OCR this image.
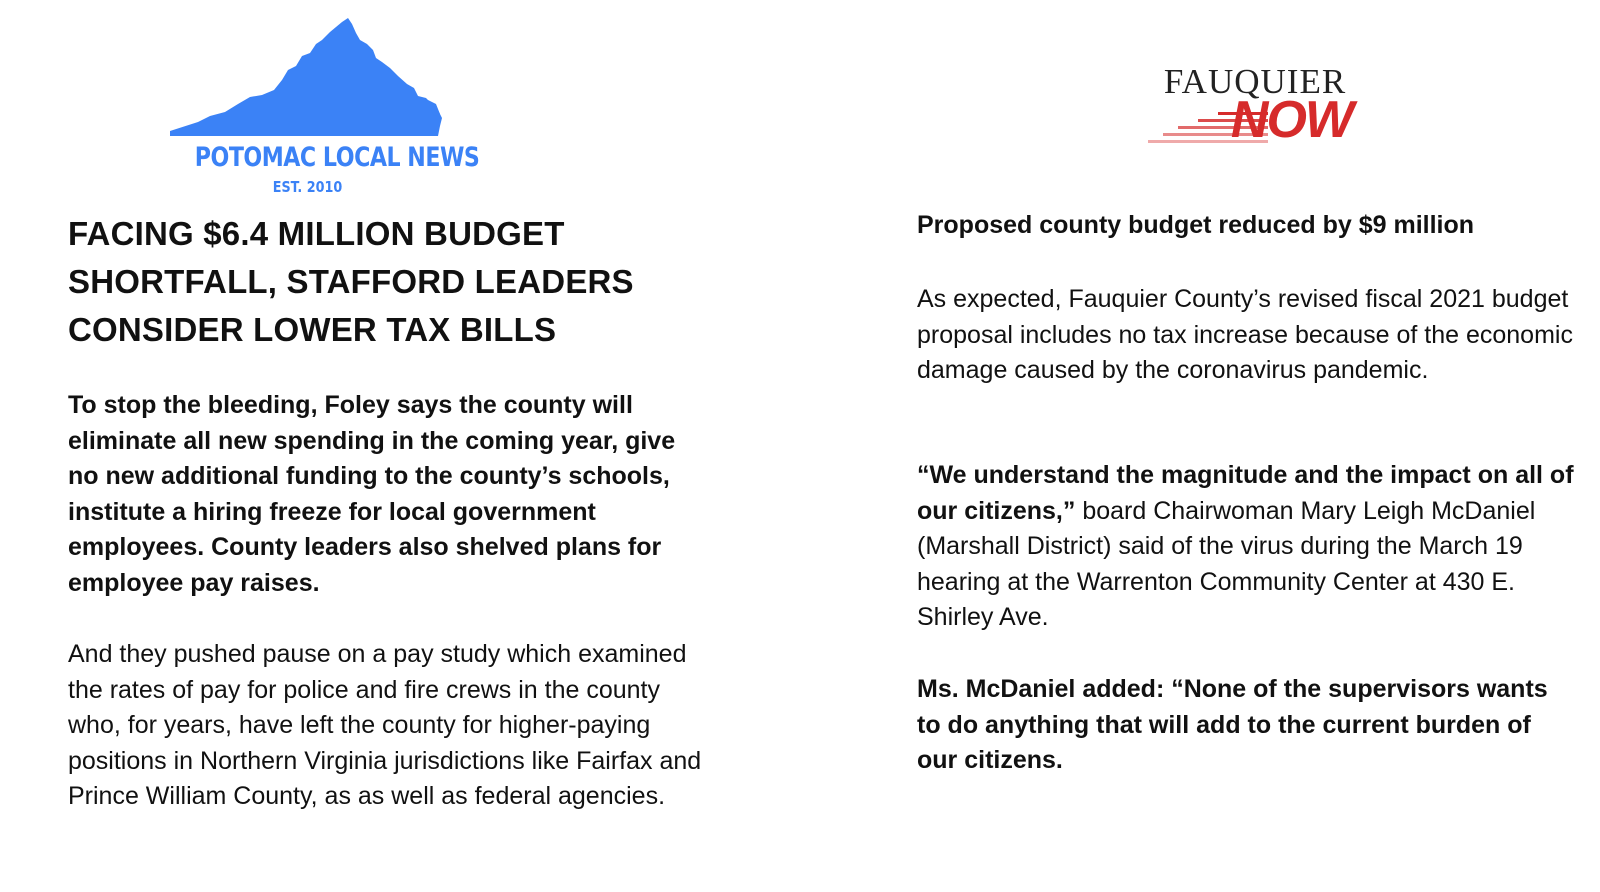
POTOMAC LOCAL NEWS
EST. 2010
FAUQUIER
NOW
FACING $6.4 MILLION BUDGET SHORTFALL, STAFFORD LEADERS CONSIDER LOWER TAX BILLS
To stop the bleeding, Foley says the county will eliminate all new spending in the coming year, give no new additional funding to the county’s schools, institute a hiring freeze for local government employees. County leaders also shelved plans for employee pay raises.
And they pushed pause on a pay study which examined the rates of pay for police and fire crews in the county who, for years, have left the county for higher-paying positions in Northern Virginia jurisdictions like Fairfax and Prince William County, as as well as federal agencies.
Proposed county budget reduced by $9 million
As expected, Fauquier County’s revised fiscal 2021 budget proposal includes no tax increase because of the economic damage caused by the coronavirus pandemic.
“We understand the magnitude and the impact on all of our citizens,” board Chairwoman Mary Leigh McDaniel (Marshall District) said of the virus during the March 19 hearing at the Warrenton Community Center at 430 E. Shirley Ave.
Ms. McDaniel added: “None of the supervisors wants to do anything that will add to the current burden of our citizens.
